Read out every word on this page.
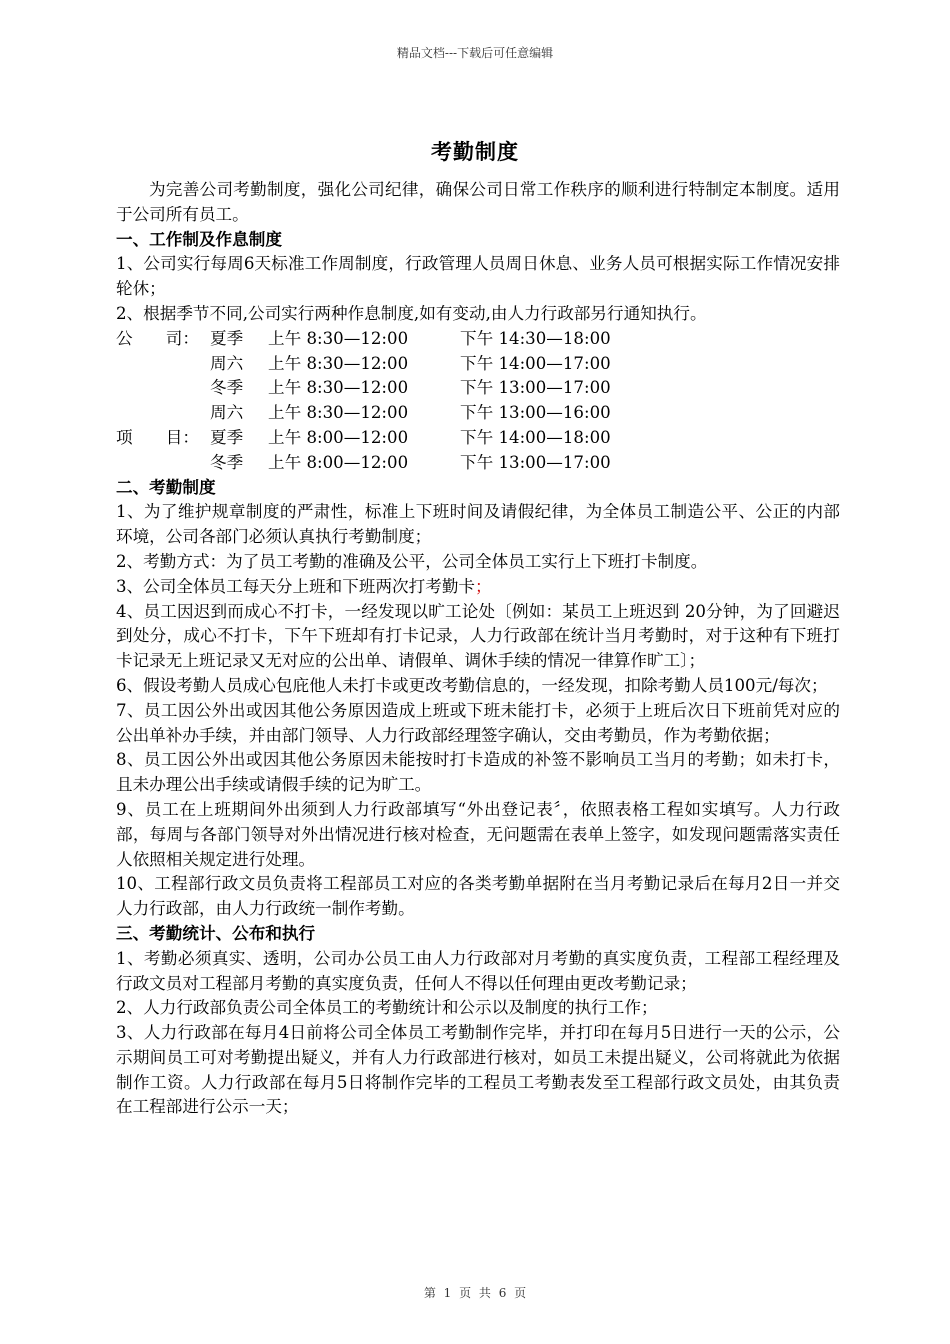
精品文档---下载后可任意编辑
考勤制度

为完善公司考勤制度，强化公司纪律，确保公司日常工作秩序的顺利进行特制定本制度。适用于公司所有员工。

一、工作制及作息制度

1、公司实行每周6天标准工作周制度，行政管理人员周日休息、业务人员可根据实际工作情况安排轮休；

2、根据季节不同,公司实行两种作息制度,如有变动,由人力行政部另行通知执行。

公　　司：	夏季	上午 8:30—12:00	下午 14:30—18:00
	周六	上午 8:30—12:00	下午 14:00—17:00
	冬季	上午 8:30—12:00	下午 13:00—17:00
	周六	上午 8:30—12:00	下午 13:00—16:00
项　　目：	夏季	上午 8:00—12:00	下午 14:00—18:00
	冬季	上午 8:00—12:00	下午 13:00—17:00

二、考勤制度

1、为了维护规章制度的严肃性，标准上下班时间及请假纪律，为全体员工制造公平、公正的内部环境，公司各部门必须认真执行考勤制度；

2、考勤方式：为了员工考勤的准确及公平，公司全体员工实行上下班打卡制度。

3、公司全体员工每天分上班和下班两次打考勤卡；

4、员工因迟到而成心不打卡，一经发现以旷工论处〔例如：某员工上班迟到 20分钟，为了回避迟到处分，成心不打卡，下午下班却有打卡记录，人力行政部在统计当月考勤时，对于这种有下班打卡记录无上班记录又无对应的公出单、请假单、调休手续的情况一律算作旷工〕；

6、假设考勤人员成心包庇他人未打卡或更改考勤信息的，一经发现，扣除考勤人员100元/每次；

7、员工因公外出或因其他公务原因造成上班或下班未能打卡，必须于上班后次日下班前凭对应的公出单补办手续，并由部门领导、人力行政部经理签字确认，交由考勤员，作为考勤依据；

8、员工因公外出或因其他公务原因未能按时打卡造成的补签不影响员工当月的考勤；如未打卡，且未办理公出手续或请假手续的记为旷工。

9、员工在上班期间外出须到人力行政部填写“外出登记表〞，依照表格工程如实填写。人力行政部，每周与各部门领导对外出情况进行核对检查，无问题需在表单上签字，如发现问题需落实责任人依照相关规定进行处理。

10、工程部行政文员负责将工程部员工对应的各类考勤单据附在当月考勤记录后在每月2日一并交人力行政部，由人力行政统一制作考勤。

三、考勤统计、公布和执行

1、考勤必须真实、透明，公司办公员工由人力行政部对月考勤的真实度负责，工程部工程经理及行政文员对工程部月考勤的真实度负责，任何人不得以任何理由更改考勤记录；

2、人力行政部负责公司全体员工的考勤统计和公示以及制度的执行工作；

3、人力行政部在每月4日前将公司全体员工考勤制作完毕，并打印在每月5日进行一天的公示，公示期间员工可对考勤提出疑义，并有人力行政部进行核对，如员工未提出疑义，公司将就此为依据制作工资。人力行政部在每月5日将制作完毕的工程员工考勤表发至工程部行政文员处，由其负责在工程部进行公示一天；

第 1 页 共 6 页
